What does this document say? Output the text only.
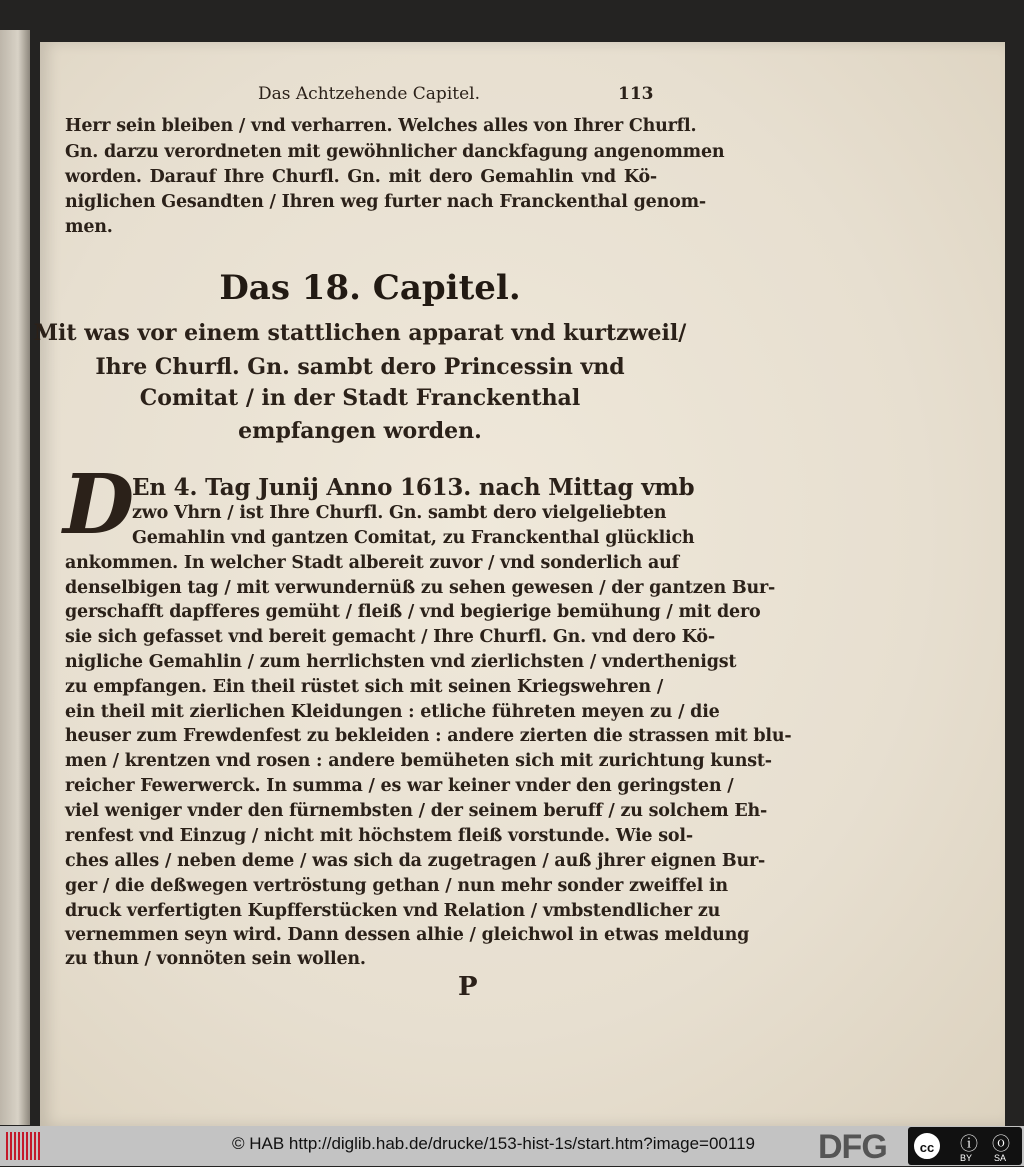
Das Achtzehende Capitel.	113
Herr sein bleiben / vnd verharren. Welches alles von Ihrer Churfl.
Gn. darzu verordneten mit gewöhnlicher danckfagung angenommen
worden. Darauf Ihre Churfl. Gn. mit dero Gemahlin vnd Kö-
niglichen Gesandten / Ihren weg furter nach Franckenthal genom-
men.
Das 18. Capitel.
Mit was vor einem stattlichen apparat vnd kurtzweil/
Ihre Churfl. Gn. sambt dero Princessin vnd
Comitat / in der Stadt Franckenthal
empfangen worden.
D
En 4. Tag Junij Anno 1613. nach Mittag vmb
zwo Vhrn / ist Ihre Churfl. Gn. sambt dero vielgeliebten
Gemahlin vnd gantzen Comitat, zu Franckenthal glücklich
ankommen. In welcher Stadt albereit zuvor / vnd sonderlich auf
denselbigen tag / mit verwundernüß zu sehen gewesen / der gantzen Bur-
gerschafft dapfferes gemüht / fleiß / vnd begierige bemühung / mit dero
sie sich gefasset vnd bereit gemacht / Ihre Churfl. Gn. vnd dero Kö-
nigliche Gemahlin / zum herrlichsten vnd zierlichsten / vnderthenigst
zu empfangen. Ein theil rüstet sich mit seinen Kriegswehren /
ein theil mit zierlichen Kleidungen : etliche führeten meyen zu / die
heuser zum Frewdenfest zu bekleiden : andere zierten die strassen mit blu-
men / krentzen vnd rosen : andere bemüheten sich mit zurichtung kunst-
reicher Fewerwerck. In summa / es war keiner vnder den geringsten /
viel weniger vnder den fürnembsten / der seinem beruff / zu solchem Eh-
renfest vnd Einzug / nicht mit höchstem fleiß vorstunde. Wie sol-
ches alles / neben deme / was sich da zugetragen / auß jhrer eignen Bur-
ger / die deßwegen vertröstung gethan / nun mehr sonder zweiffel in
druck verfertigten Kupfferstücken vnd Relation / vmbstendlicher zu
vernemmen seyn wird. Dann dessen alhie / gleichwol in etwas meldung
zu thun / vonnöten sein wollen.
P
© HAB http://diglib.hab.de/drucke/153-hist-1s/start.htm?image=00119 DFG	cc	ⓘ ⓞ
BY SA
